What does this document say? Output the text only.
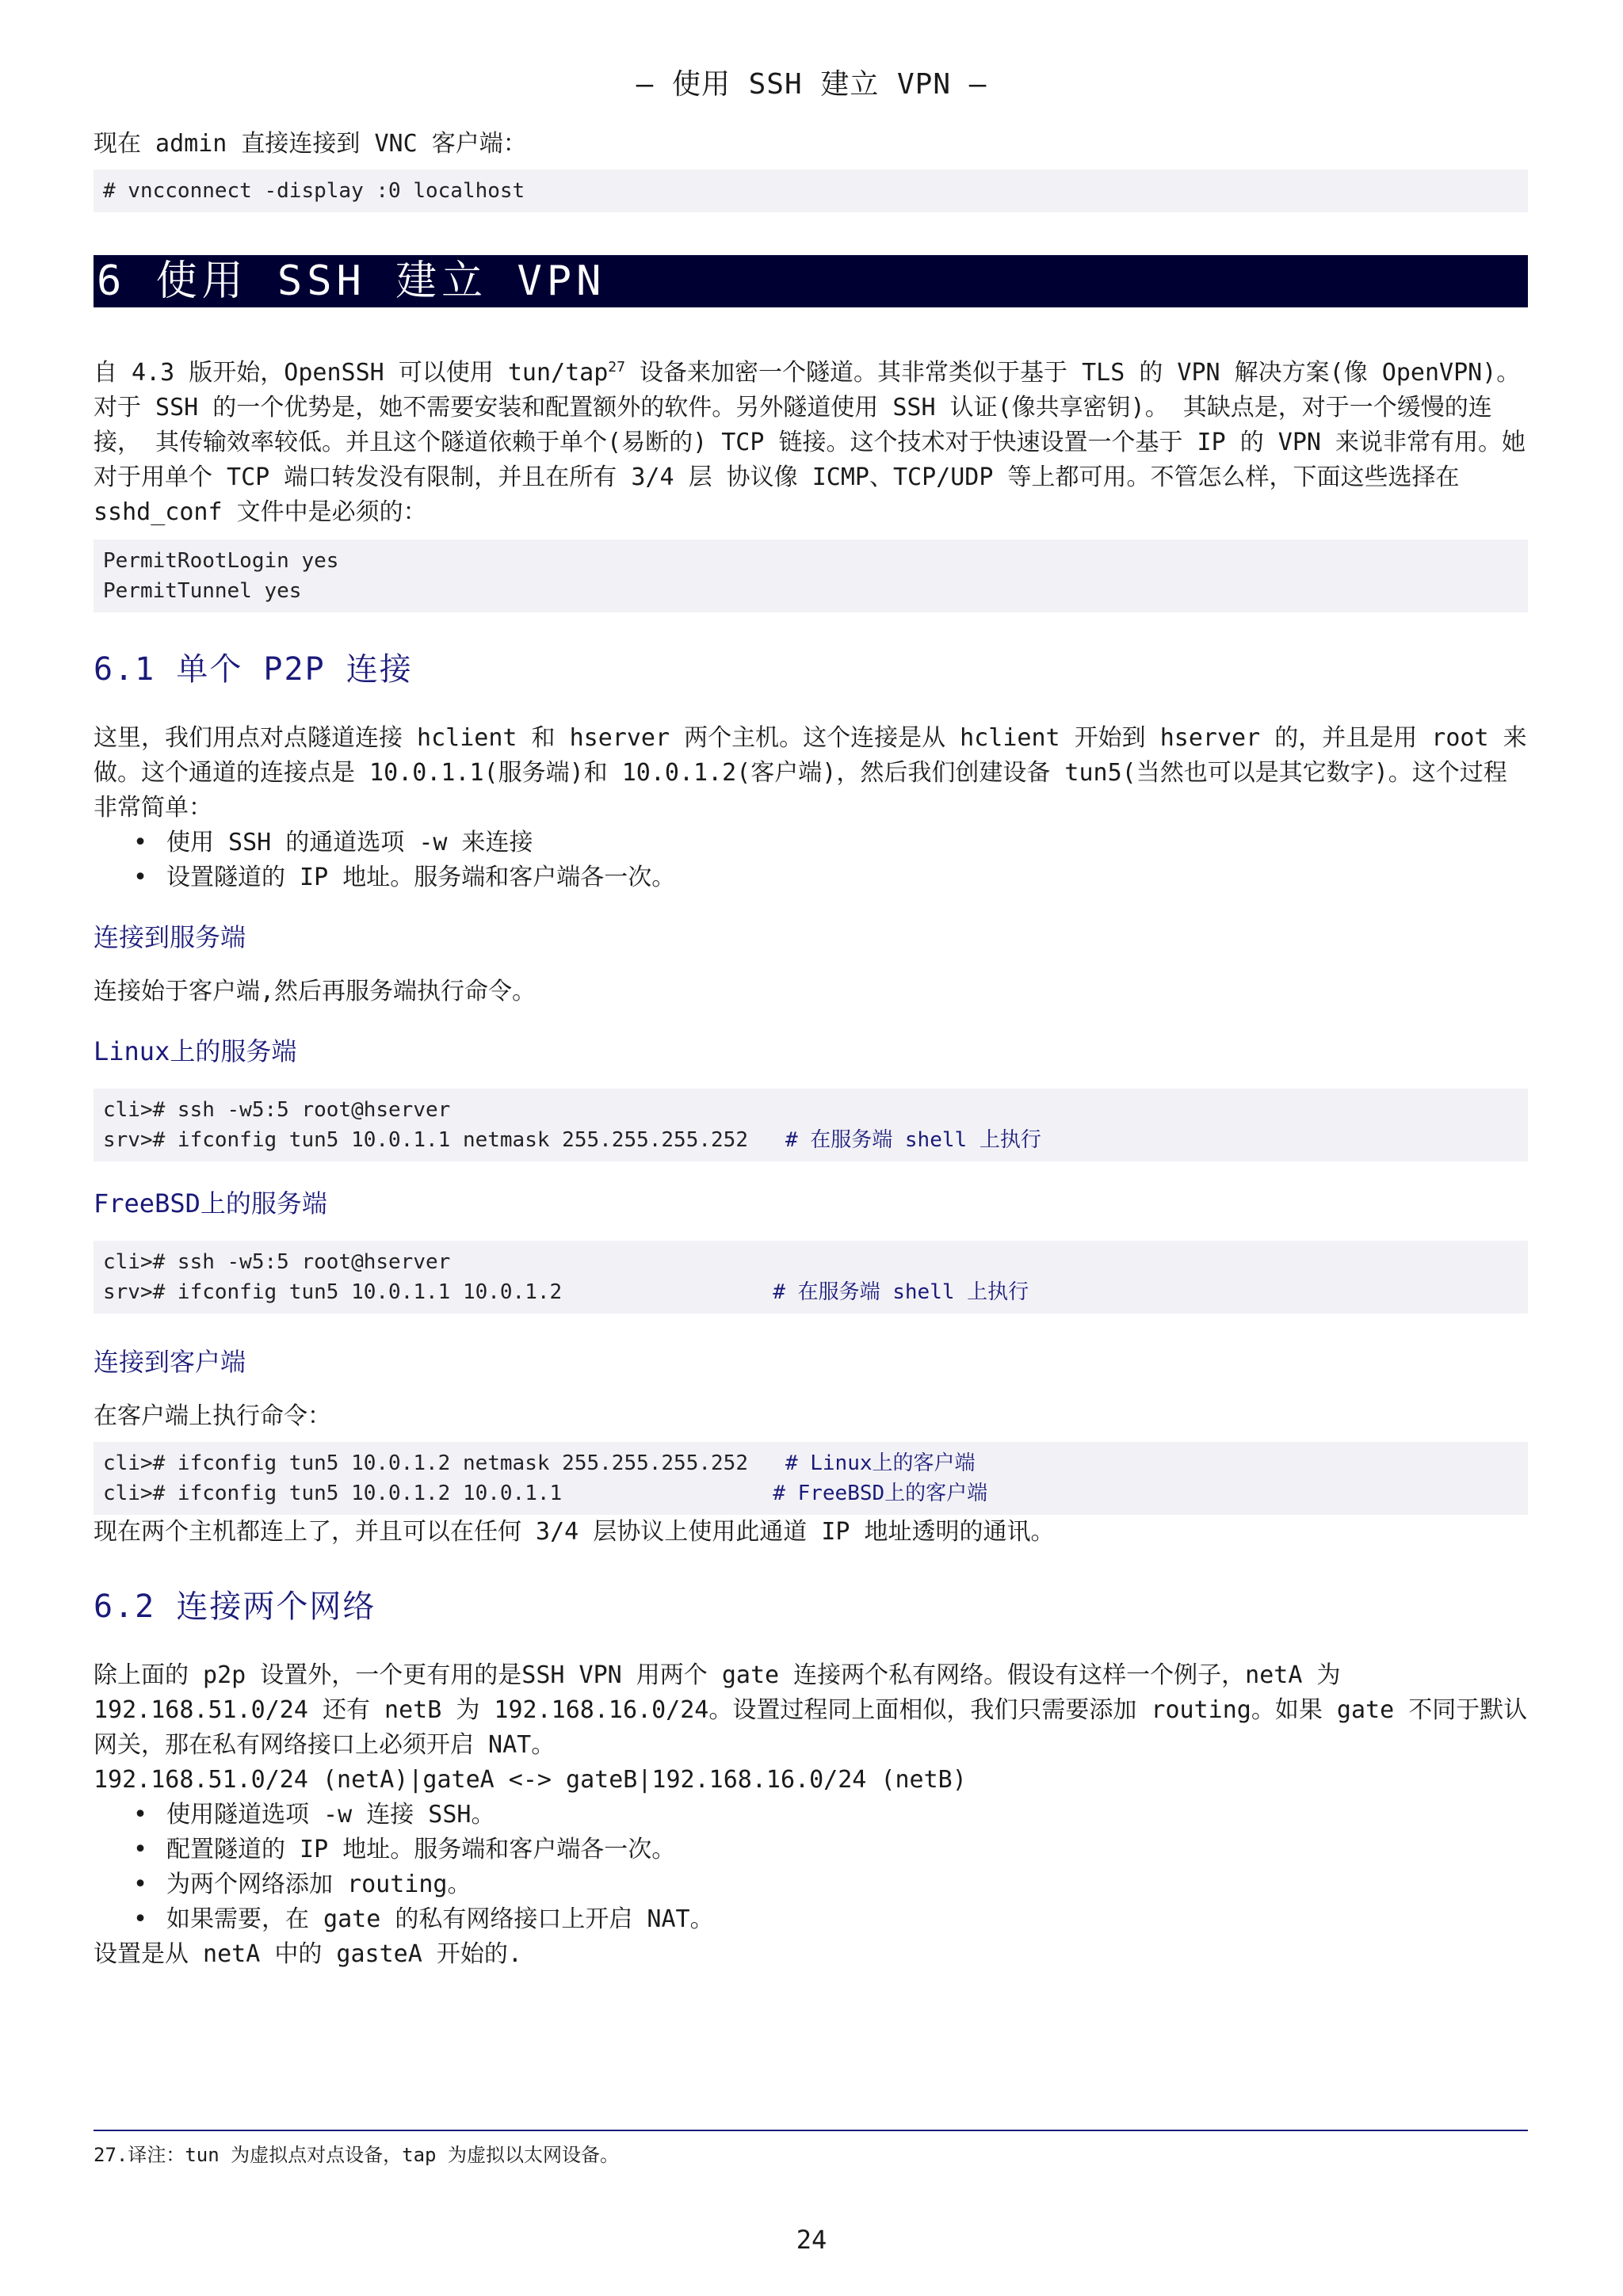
— 使用 SSH 建立 VPN —

现在 admin 直接连接到 VNC 客户端：

# vncconnect -display :0 localhost
6 使用 SSH 建立 VPN

自 4.3 版开始，OpenSSH 可以使用 tun/tap$^{27}$ 设备来加密一个隧道。其非常类似于基于 TLS 的 VPN 解决方案(像 OpenVPN)。对于 SSH 的一个优势是，她不需要安装和配置额外的软件。另外隧道使用 SSH 认证(像共享密钥)。 其缺点是，对于一个缓慢的连接， 其传输效率较低。并且这个隧道依赖于单个(易断的) TCP 链接。这个技术对于快速设置一个基于 IP 的 VPN 来说非常有用。她对于用单个 TCP 端口转发没有限制，并且在所有 3/4 层 协议像 ICMP、TCP/UDP 等上都可用。不管怎么样，下面这些选择在 sshd_conf 文件中是必须的：

PermitRootLogin yes
PermitTunnel yes
6.1 单个 P2P 连接

这里，我们用点对点隧道连接 hclient 和 hserver 两个主机。这个连接是从 hclient 开始到 hserver 的，并且是用 root 来做。这个通道的连接点是 10.0.1.1(服务端)和 10.0.1.2(客户端)，然后我们创建设备 tun5(当然也可以是其它数字)。这个过程非常简单：

• 使用 SSH 的通道选项 -w 来连接
• 设置隧道的 IP 地址。服务端和客户端各一次。
连接到服务端

连接始于客户端,然后再服务端执行命令。

Linux上的服务端
cli># ssh -w5:5 root@hserver
srv># ifconfig tun5 10.0.1.1 netmask 255.255.255.252   # 在服务端 shell 上执行
FreeBSD上的服务端
cli># ssh -w5:5 root@hserver
srv># ifconfig tun5 10.0.1.1 10.0.1.2                 # 在服务端 shell 上执行
连接到客户端

在客户端上执行命令：

cli># ifconfig tun5 10.0.1.2 netmask 255.255.255.252   # Linux上的客户端
cli># ifconfig tun5 10.0.1.2 10.0.1.1                 # FreeBSD上的客户端

现在两个主机都连上了，并且可以在任何 3/4 层协议上使用此通道 IP 地址透明的通讯。

6.2 连接两个网络

除上面的 p2p 设置外，一个更有用的是SSH VPN 用两个 gate 连接两个私有网络。假设有这样一个例子，netA 为 192.168.51.0/24 还有 netB 为 192.168.16.0/24。设置过程同上面相似，我们只需要添加 routing。如果 gate 不同于默认网关，那在私有网络接口上必须开启 NAT。

192.168.51.0/24 (netA)|gateA <-> gateB|192.168.16.0/24 (netB)

• 使用隧道选项 -w 连接 SSH。
• 配置隧道的 IP 地址。服务端和客户端各一次。
• 为两个网络添加 routing。
• 如果需要，在 gate 的私有网络接口上开启 NAT。

设置是从 netA 中的 gasteA 开始的.

27.译注：tun 为虚拟点对点设备，tap 为虚拟以太网设备。
24
